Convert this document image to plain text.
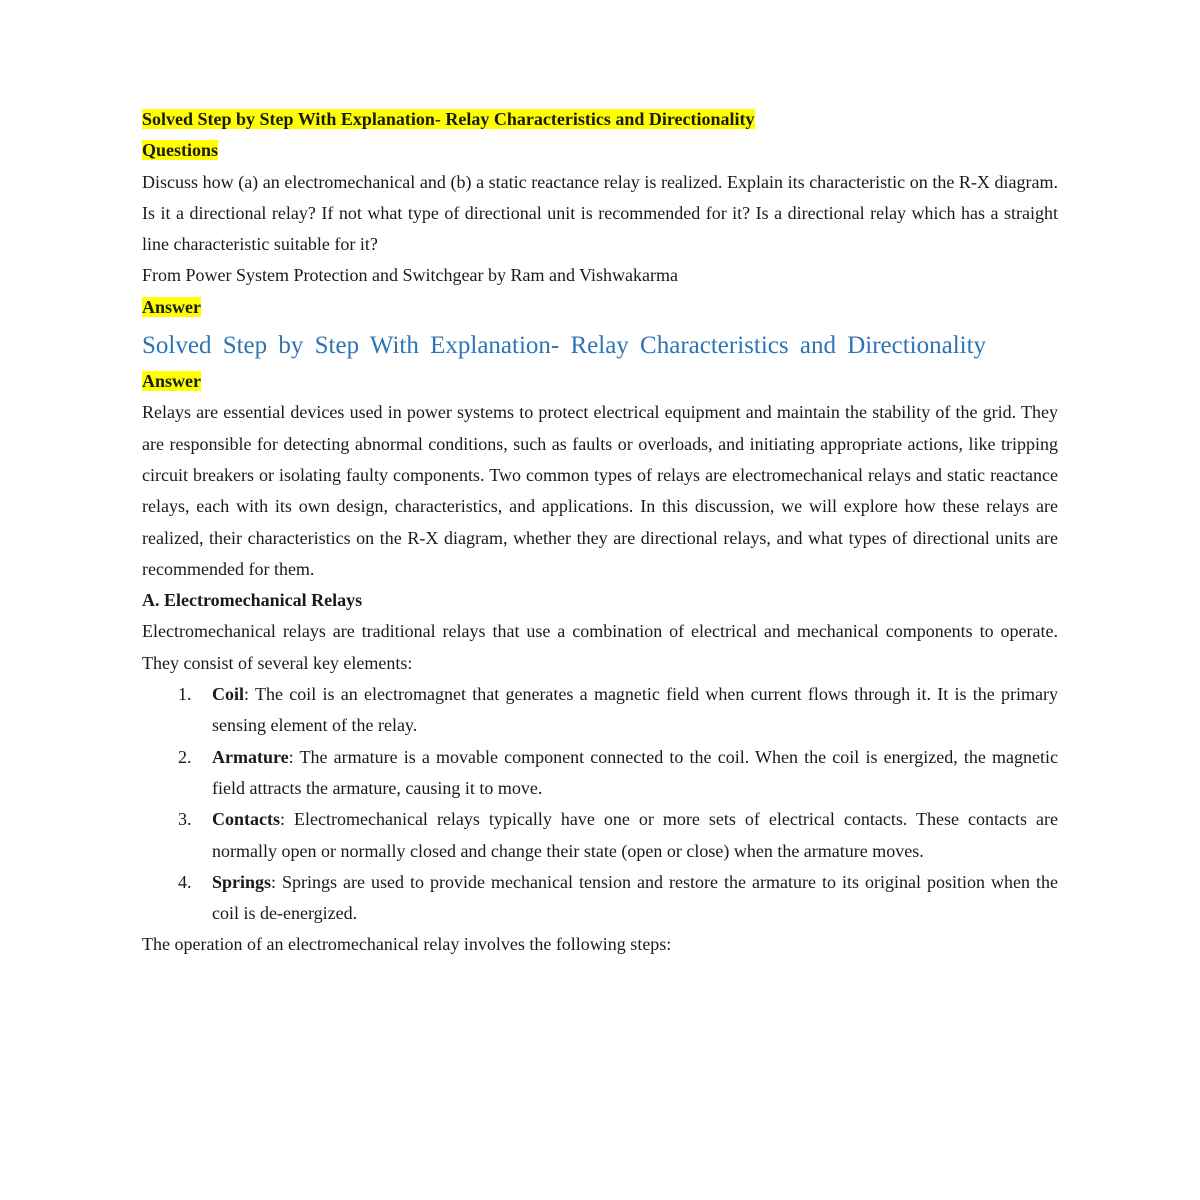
Solved Step by Step With Explanation- Relay Characteristics and Directionality

Questions

Discuss how (a) an electromechanical and (b) a static reactance relay is realized. Explain its characteristic on the R-X diagram. Is it a directional relay? If not what type of directional unit is recommended for it? Is a directional relay which has a straight line characteristic suitable for it?

From Power System Protection and Switchgear by Ram and Vishwakarma

Answer

Solved Step by Step With Explanation- Relay Characteristics and Directionality

Answer

Relays are essential devices used in power systems to protect electrical equipment and maintain the stability of the grid. They are responsible for detecting abnormal conditions, such as faults or overloads, and initiating appropriate actions, like tripping circuit breakers or isolating faulty components. Two common types of relays are electromechanical relays and static reactance relays, each with its own design, characteristics, and applications. In this discussion, we will explore how these relays are realized, their characteristics on the R-X diagram, whether they are directional relays, and what types of directional units are recommended for them.

A. Electromechanical Relays

Electromechanical relays are traditional relays that use a combination of electrical and mechanical components to operate. They consist of several key elements:

1. Coil: The coil is an electromagnet that generates a magnetic field when current flows through it. It is the primary sensing element of the relay.
2. Armature: The armature is a movable component connected to the coil. When the coil is energized, the magnetic field attracts the armature, causing it to move.
3. Contacts: Electromechanical relays typically have one or more sets of electrical contacts. These contacts are normally open or normally closed and change their state (open or close) when the armature moves.
4. Springs: Springs are used to provide mechanical tension and restore the armature to its original position when the coil is de-energized.

The operation of an electromechanical relay involves the following steps:
